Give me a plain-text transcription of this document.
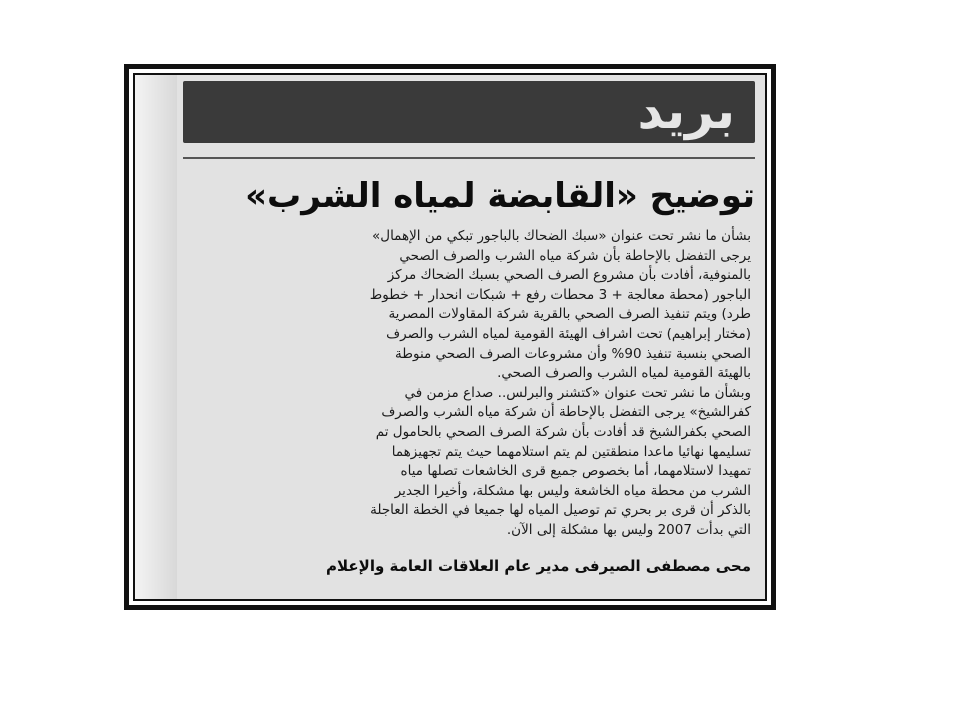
بريد
توضيح «القابضة لمياه الشرب»

بشأن ما نشر تحت عنوان «سبك الضحاك بالباجور تبكي من الإهمال»
يرجى التفضل بالإحاطة بأن شركة مياه الشرب والصرف الصحي
بالمنوفية، أفادت بأن مشروع الصرف الصحي بسبك الضحاك مركز
الباجور (محطة معالجة + 3 محطات رفع + شبكات انحدار + خطوط
طرد) ويتم تنفيذ الصرف الصحي بالقرية شركة المقاولات المصرية
(مختار إبراهيم) تحت اشراف الهيئة القومية لمياه الشرب والصرف
الصحي بنسبة تنفيذ 90% وأن مشروعات الصرف الصحي منوطة
بالهيئة القومية لمياه الشرب والصرف الصحي.

وبشأن ما نشر تحت عنوان «كتشنر والبرلس.. صداع مزمن في
كفرالشيخ» يرجى التفضل بالإحاطة أن شركة مياه الشرب والصرف
الصحي بكفرالشيخ قد أفادت بأن شركة الصرف الصحي بالحامول تم
تسليمها نهائيا ماعدا منطقتين لم يتم استلامهما حيث يتم تجهيزهما
تمهيدا لاستلامهما، أما بخصوص جميع قرى الخاشعات تصلها مياه
الشرب من محطة مياه الخاشعة وليس بها مشكلة، وأخيرا الجدير
بالذكر أن قرى بر بحري تم توصيل المياه لها جميعا في الخطة العاجلة
التي بدأت 2007 وليس بها مشكلة إلى الآن.

محى مصطفى الصيرفى مدير عام العلاقات العامة والإعلام
